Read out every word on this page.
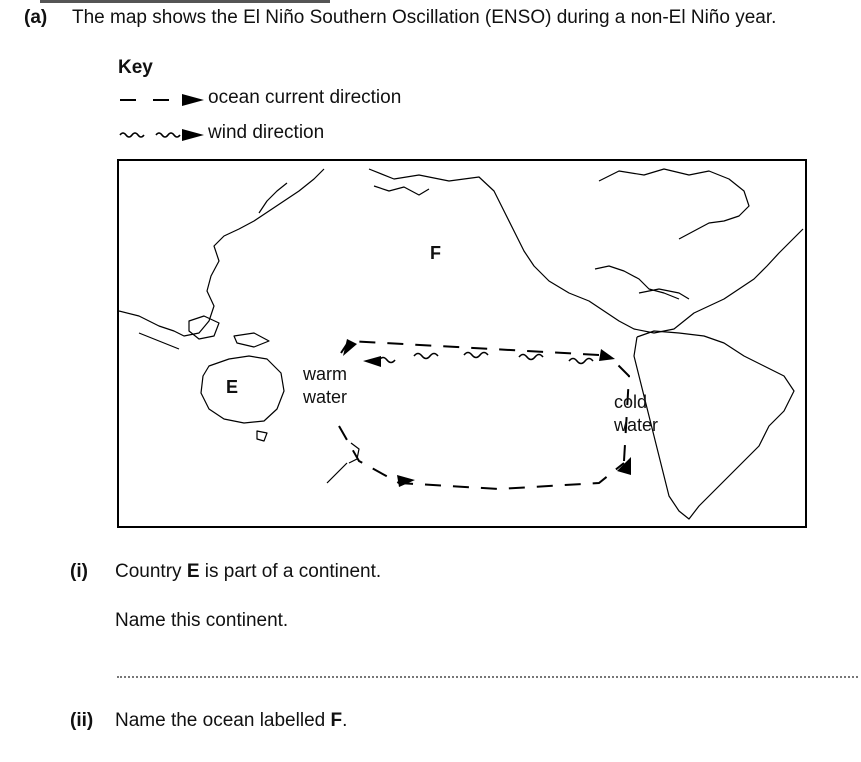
(a) The map shows the El Niño Southern Oscillation (ENSO) during a non-El Niño year.
Key
ocean current direction
wind direction
F
E
warm
water	cold
water
(i) Country E is part of a continent.
Name this continent.
(ii) Name the ocean labelled F.
